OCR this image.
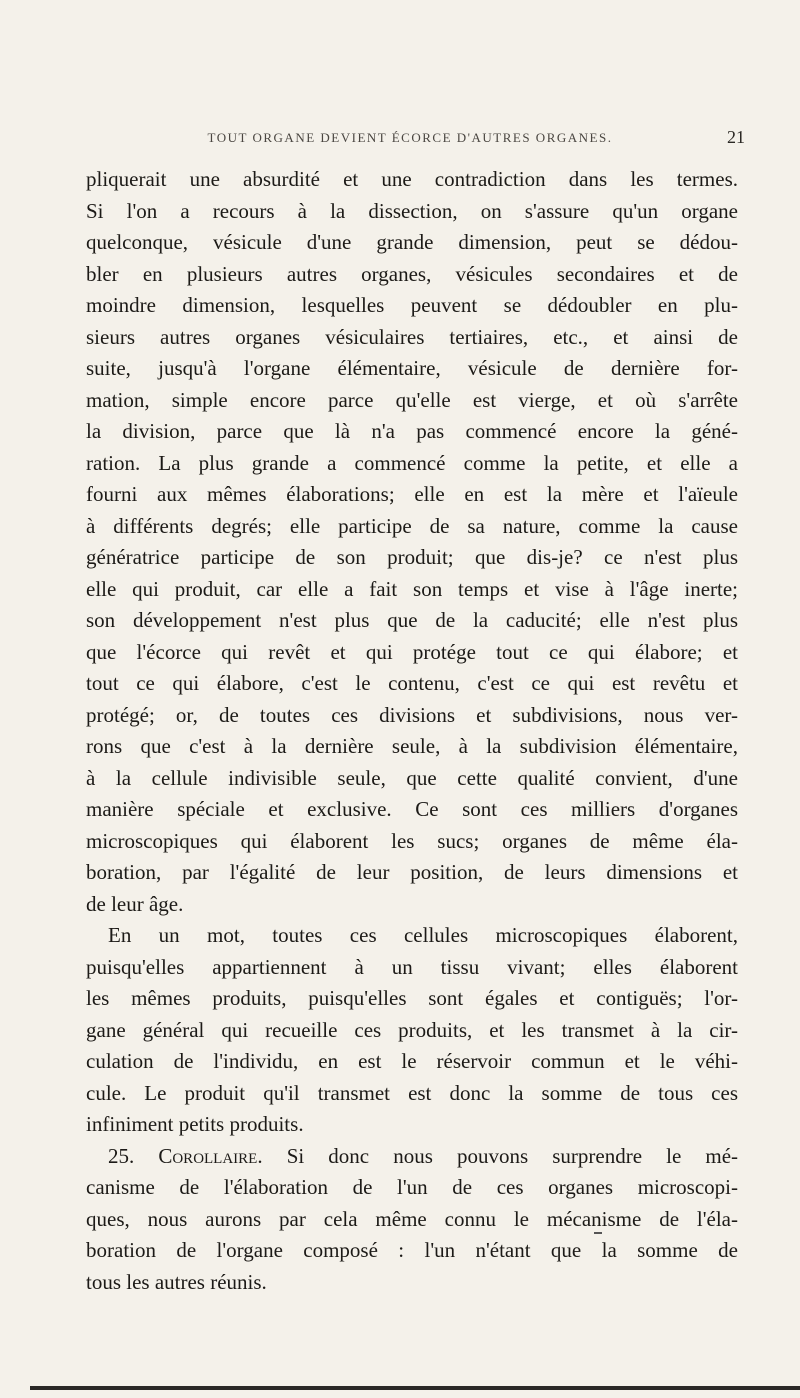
TOUT ORGANE DEVIENT ÉCORCE D'AUTRES ORGANES.	21
pliquerait une absurdité et une contradiction dans les termes.
Si l'on a recours à la dissection, on s'assure qu'un organe
quelconque, vésicule d'une grande dimension, peut se dédou-
bler en plusieurs autres organes, vésicules secondaires et de
moindre dimension, lesquelles peuvent se dédoubler en plu-
sieurs autres organes vésiculaires tertiaires, etc., et ainsi de
suite, jusqu'à l'organe élémentaire, vésicule de dernière for-
mation, simple encore parce qu'elle est vierge, et où s'arrête
la division, parce que là n'a pas commencé encore la géné-
ration. La plus grande a commencé comme la petite, et elle a
fourni aux mêmes élaborations; elle en est la mère et l'aïeule
à différents degrés; elle participe de sa nature, comme la cause
génératrice participe de son produit; que dis-je? ce n'est plus
elle qui produit, car elle a fait son temps et vise à l'âge inerte;
son développement n'est plus que de la caducité; elle n'est plus
que l'écorce qui revêt et qui protége tout ce qui élabore; et
tout ce qui élabore, c'est le contenu, c'est ce qui est revêtu et
protégé; or, de toutes ces divisions et subdivisions, nous ver-
rons que c'est à la dernière seule, à la subdivision élémentaire,
à la cellule indivisible seule, que cette qualité convient, d'une
manière spéciale et exclusive. Ce sont ces milliers d'organes
microscopiques qui élaborent les sucs; organes de même éla-
boration, par l'égalité de leur position, de leurs dimensions et
de leur âge.
En un mot, toutes ces cellules microscopiques élaborent,
puisqu'elles appartiennent à un tissu vivant; elles élaborent
les mêmes produits, puisqu'elles sont égales et contiguës; l'or-
gane général qui recueille ces produits, et les transmet à la cir-
culation de l'individu, en est le réservoir commun et le véhi-
cule. Le produit qu'il transmet est donc la somme de tous ces
infiniment petits produits.
25. Corollaire. Si donc nous pouvons surprendre le mé-
canisme de l'élaboration de l'un de ces organes microscopi-
ques, nous aurons par cela même connu le mécanisme de l'éla-
boration de l'organe composé : l'un n'étant que la somme de
tous les autres réunis.
